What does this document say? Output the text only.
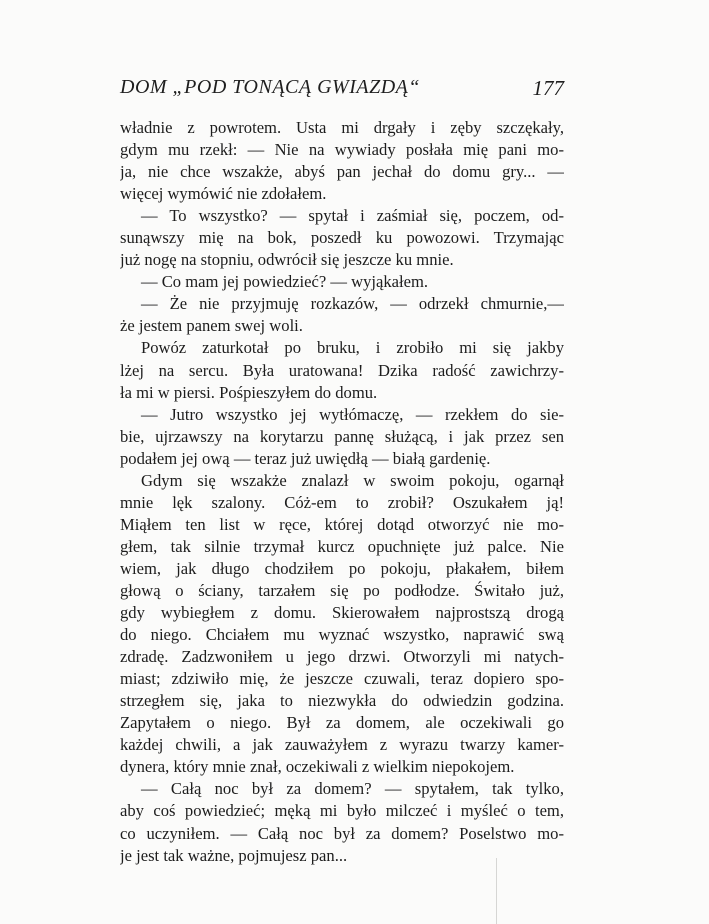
DOM „POD TONĄCĄ GWIAZDĄ“	177
władnie z powrotem. Usta mi drgały i zęby szczękały,
gdym mu rzekł: — Nie na wywiady posłała mię pani mo-
ja, nie chce wszakże, abyś pan jechał do domu gry... —
więcej wymówić nie zdołałem.
— To wszystko? — spytał i zaśmiał się, poczem, od-
sunąwszy mię na bok, poszedł ku powozowi. Trzymając
już nogę na stopniu, odwrócił się jeszcze ku mnie.
— Co mam jej powiedzieć? — wyjąkałem.
— Że nie przyjmuję rozkazów, — odrzekł chmurnie,—
że jestem panem swej woli.
Powóz zaturkotał po bruku, i zrobiło mi się jakby
lżej na sercu. Była uratowana! Dzika radość zawichrzy-
ła mi w piersi. Pośpieszyłem do domu.
— Jutro wszystko jej wytłómaczę, — rzekłem do sie-
bie, ujrzawszy na korytarzu pannę służącą, i jak przez sen
podałem jej ową — teraz już uwiędłą — białą gardenię.
Gdym się wszakże znalazł w swoim pokoju, ogarnął
mnie lęk szalony. Cóż-em to zrobił? Oszukałem ją!
Miąłem ten list w ręce, której dotąd otworzyć nie mo-
głem, tak silnie trzymał kurcz opuchnięte już palce. Nie
wiem, jak długo chodziłem po pokoju, płakałem, biłem
głową o ściany, tarzałem się po podłodze. Świtało już,
gdy wybiegłem z domu. Skierowałem najprostszą drogą
do niego. Chciałem mu wyznać wszystko, naprawić swą
zdradę. Zadzwoniłem u jego drzwi. Otworzyli mi natych-
miast; zdziwiło mię, że jeszcze czuwali, teraz dopiero spo-
strzegłem się, jaka to niezwykła do odwiedzin godzina.
Zapytałem o niego. Był za domem, ale oczekiwali go
każdej chwili, a jak zauważyłem z wyrazu twarzy kamer-
dynera, który mnie znał, oczekiwali z wielkim niepokojem.
— Całą noc był za domem? — spytałem, tak tylko,
aby coś powiedzieć; męką mi było milczeć i myśleć o tem,
co uczyniłem. — Całą noc był za domem? Poselstwo mo-
je jest tak ważne, pojmujesz pan...
